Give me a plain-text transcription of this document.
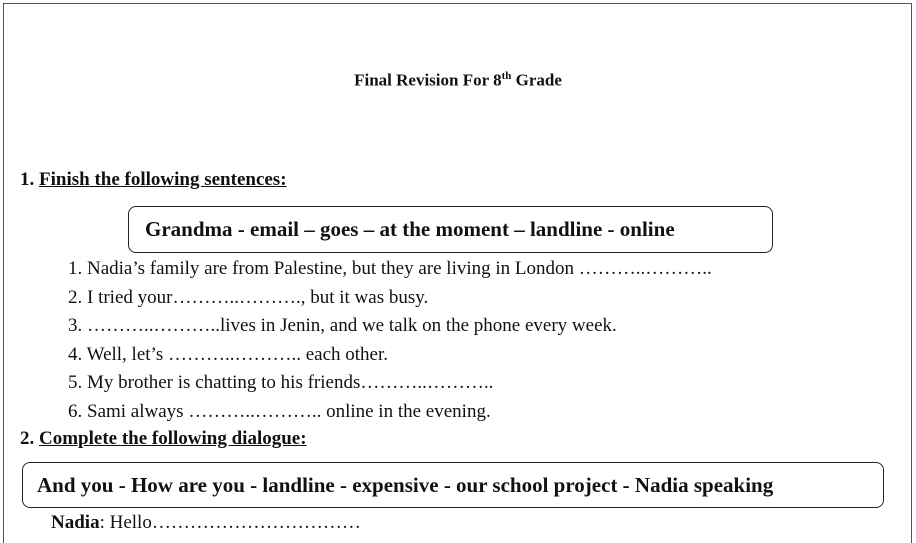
Final Revision For 8th Grade
1. Finish the following sentences:
Grandma - email – goes – at the moment – landline - online
1. Nadia’s family are from Palestine, but they are living in London ………..………..
2. I tried your………..………., but it was busy.
3. ………..………..lives in Jenin, and we talk on the phone every week.
4. Well, let’s ………..……….. each other.
5. My brother is chatting to his friends………..………..
6. Sami always ………..……….. online in the evening.
2. Complete the following dialogue:
And you - How are you - landline - expensive - our school project - Nadia speaking
Nadia: Hello……………………………
